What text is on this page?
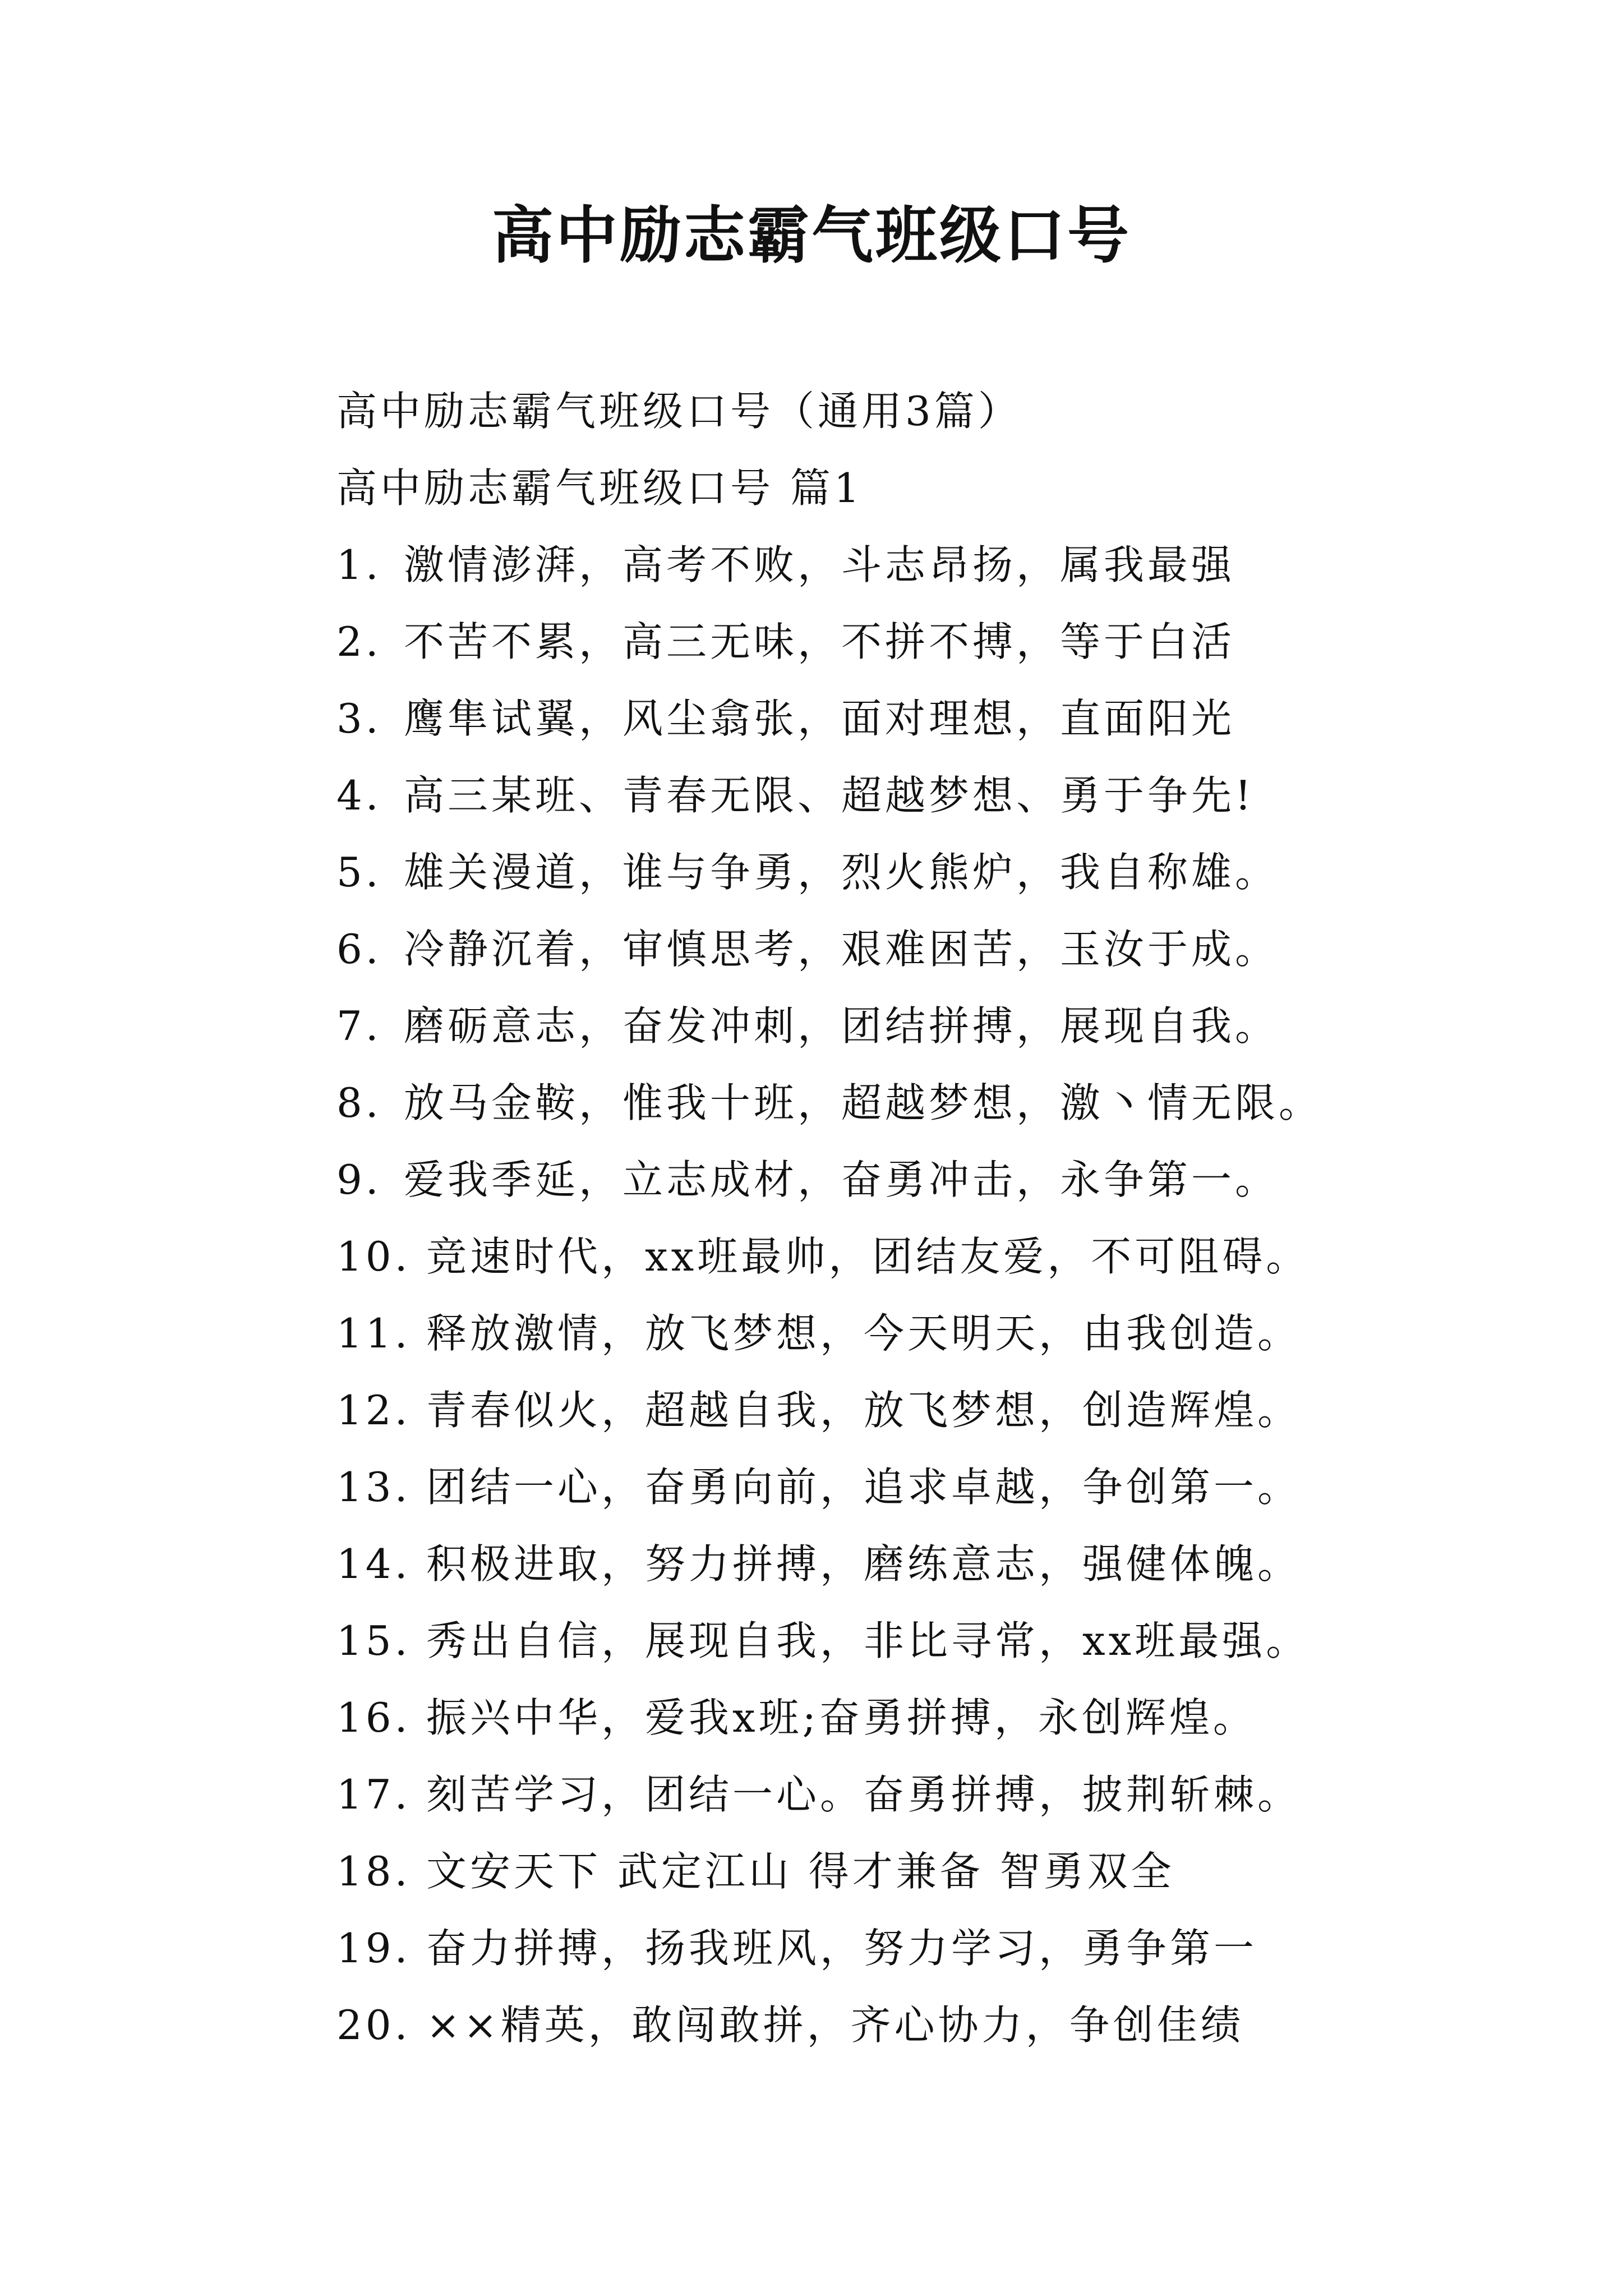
高中励志霸气班级口号
高中励志霸气班级口号（通用3篇）
高中励志霸气班级口号 篇1
1. 激情澎湃，高考不败，斗志昂扬，属我最强
2. 不苦不累，高三无味，不拼不搏，等于白活
3. 鹰隼试翼，风尘翕张，面对理想，直面阳光
4. 高三某班、青春无限、超越梦想、勇于争先!
5. 雄关漫道，谁与争勇，烈火熊炉，我自称雄。
6. 冷静沉着，审慎思考，艰难困苦，玉汝于成。
7. 磨砺意志，奋发冲刺，团结拼搏，展现自我。
8. 放马金鞍，惟我十班，超越梦想，激丶情无限。
9. 爱我季延，立志成材，奋勇冲击，永争第一。
10. 竞速时代，xx班最帅，团结友爱，不可阻碍。
11. 释放激情，放飞梦想，今天明天，由我创造。
12. 青春似火，超越自我，放飞梦想，创造辉煌。
13. 团结一心，奋勇向前，追求卓越，争创第一。
14. 积极进取，努力拼搏，磨练意志，强健体魄。
15. 秀出自信，展现自我，非比寻常，xx班最强。
16. 振兴中华，爱我x班;奋勇拼搏，永创辉煌。
17. 刻苦学习，团结一心。奋勇拼搏，披荆斩棘。
18. 文安天下 武定江山 得才兼备 智勇双全
19. 奋力拼搏，扬我班风，努力学习，勇争第一
20. ××精英，敢闯敢拼，齐心协力，争创佳绩
